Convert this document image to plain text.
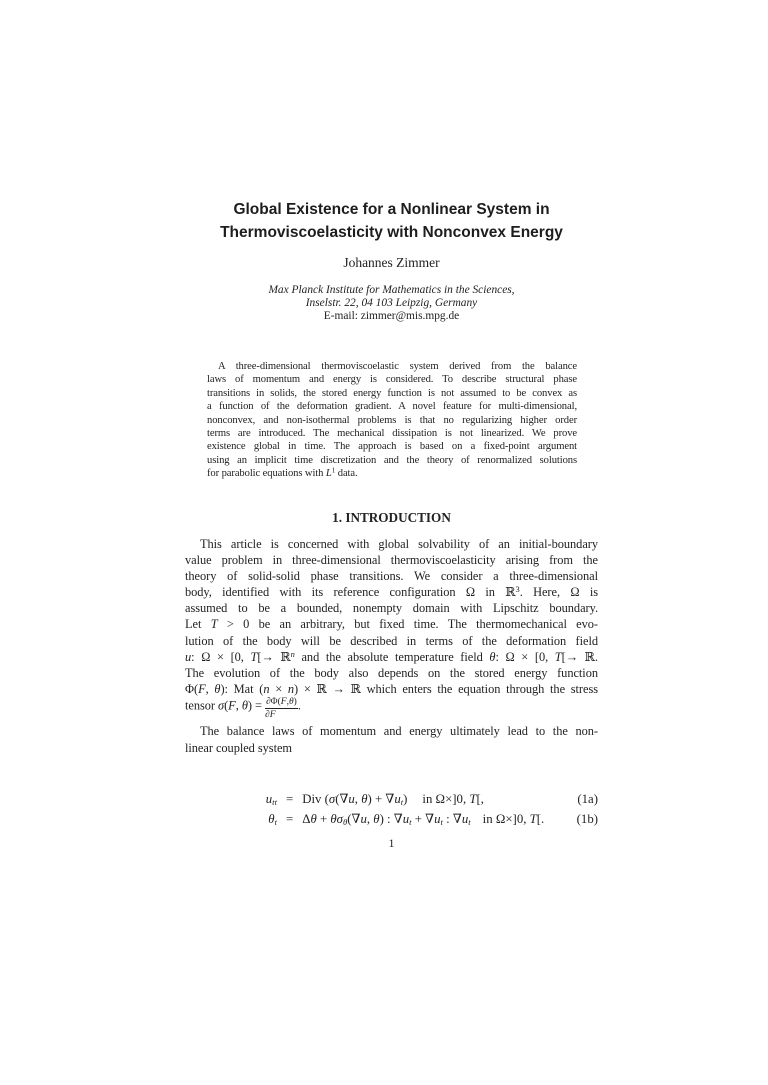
Global Existence for a Nonlinear System in
Thermoviscoelasticity with Nonconvex Energy
Johannes Zimmer
Max Planck Institute for Mathematics in the Sciences,
Inselstr. 22, 04 103 Leipzig, Germany
E-mail: zimmer@mis.mpg.de
A three-dimensional thermoviscoelastic system derived from the balance
laws of momentum and energy is considered. To describe structural phase
transitions in solids, the stored energy function is not assumed to be convex as
a function of the deformation gradient. A novel feature for multi-dimensional,
nonconvex, and non-isothermal problems is that no regularizing higher order
terms are introduced. The mechanical dissipation is not linearized. We prove
existence global in time. The approach is based on a fixed-point argument
using an implicit time discretization and the theory of renormalized solutions
for parabolic equations with $L^1$ data.
1. INTRODUCTION
This article is concerned with global solvability of an initial-boundary
value problem in three-dimensional thermoviscoelasticity arising from the
theory of solid-solid phase transitions. We consider a three-dimensional
body, identified with its reference configuration Ω in ℝ$^3$. Here, Ω is
assumed to be a bounded, nonempty domain with Lipschitz boundary.
Let T > 0 be an arbitrary, but fixed time. The thermomechanical evo-
lution of the body will be described in terms of the deformation field
u: Ω × [0, T[→ ℝ$^n$ and the absolute temperature field θ: Ω × [0, T[→ ℝ.
The evolution of the body also depends on the stored energy function
Φ(F, θ): Mat (n × n) × ℝ → ℝ which enters the equation through the stress
tensor σ(F, $\theta) = \frac{\partial\Phi(F,\theta)}{\partial F}$ .
The balance laws of momentum and energy ultimately lead to the non-
linear coupled system
$u_{tt}$ = Div (σ(∇u, $\theta) + \nabla u_t$) in Ω×]0, T[,	(1a)
$\theta_t = \Delta\theta + \theta\sigma_\theta(\nabla u$, θ) : $\nabla u_t + \nabla u_t$ : $\nabla u_t$ in Ω×]0, T[.	(1b)
1
